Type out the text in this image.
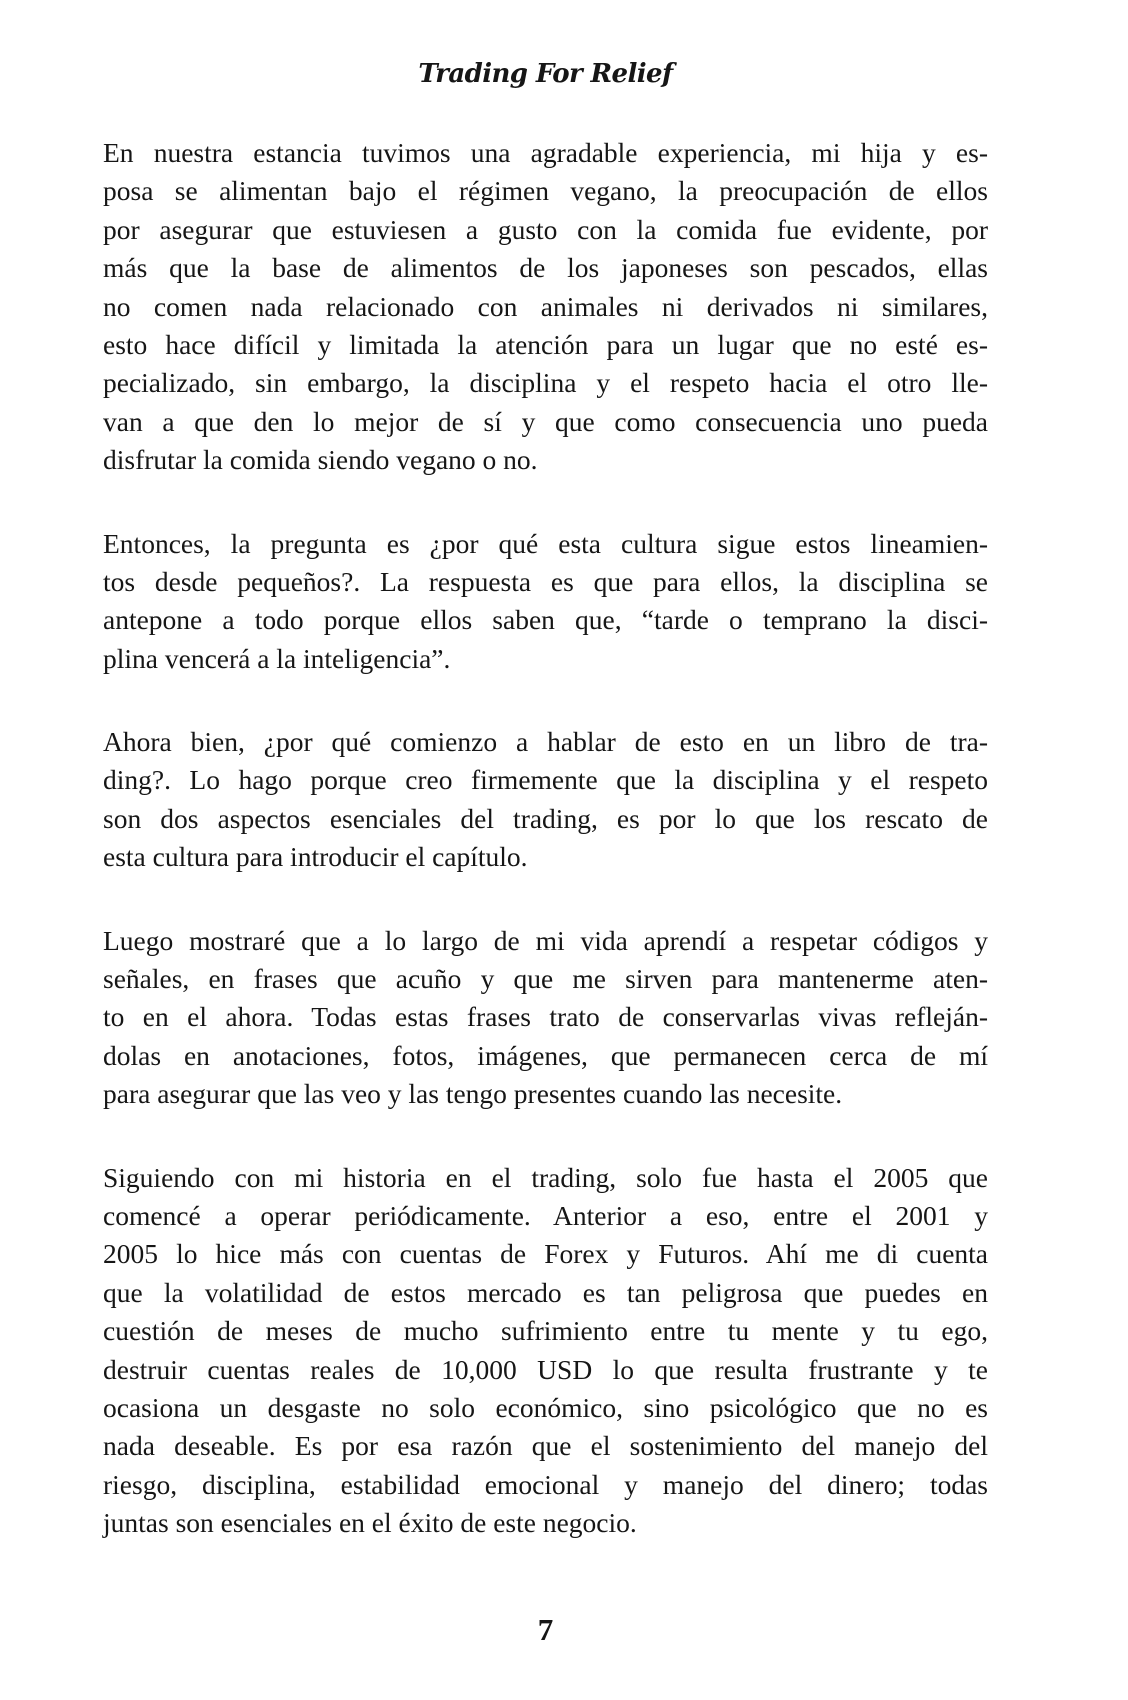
Trading For Relief

En nuestra estancia tuvimos una agradable experiencia, mi hija y es-
posa se alimentan bajo el régimen vegano, la preocupación de ellos
por asegurar que estuviesen a gusto con la comida fue evidente, por
más que la base de alimentos de los japoneses son pescados, ellas
no comen nada relacionado con animales ni derivados ni similares,
esto hace difícil y limitada la atención para un lugar que no esté es-
pecializado, sin embargo, la disciplina y el respeto hacia el otro lle-
van a que den lo mejor de sí y que como consecuencia uno pueda
disfrutar la comida siendo vegano o no.

Entonces, la pregunta es ¿por qué esta cultura sigue estos lineamien-
tos desde pequeños?. La respuesta es que para ellos, la disciplina se
antepone a todo porque ellos saben que, “tarde o temprano la disci-
plina vencerá a la inteligencia”.

Ahora bien, ¿por qué comienzo a hablar de esto en un libro de tra-
ding?. Lo hago porque creo firmemente que la disciplina y el respeto
son dos aspectos esenciales del trading, es por lo que los rescato de
esta cultura para introducir el capítulo.

Luego mostraré que a lo largo de mi vida aprendí a respetar códigos y
señales, en frases que acuño y que me sirven para mantenerme aten-
to en el ahora. Todas estas frases trato de conservarlas vivas refleján-
dolas en anotaciones, fotos, imágenes, que permanecen cerca de mí
para asegurar que las veo y las tengo presentes cuando las necesite.

Siguiendo con mi historia en el trading, solo fue hasta el 2005 que
comencé a operar periódicamente. Anterior a eso, entre el 2001 y
2005 lo hice más con cuentas de Forex y Futuros. Ahí me di cuenta
que la volatilidad de estos mercado es tan peligrosa que puedes en
cuestión de meses de mucho sufrimiento entre tu mente y tu ego,
destruir cuentas reales de 10,000 USD lo que resulta frustrante y te
ocasiona un desgaste no solo económico, sino psicológico que no es
nada deseable. Es por esa razón que el sostenimiento del manejo del
riesgo, disciplina, estabilidad emocional y manejo del dinero; todas
juntas son esenciales en el éxito de este negocio.

7
